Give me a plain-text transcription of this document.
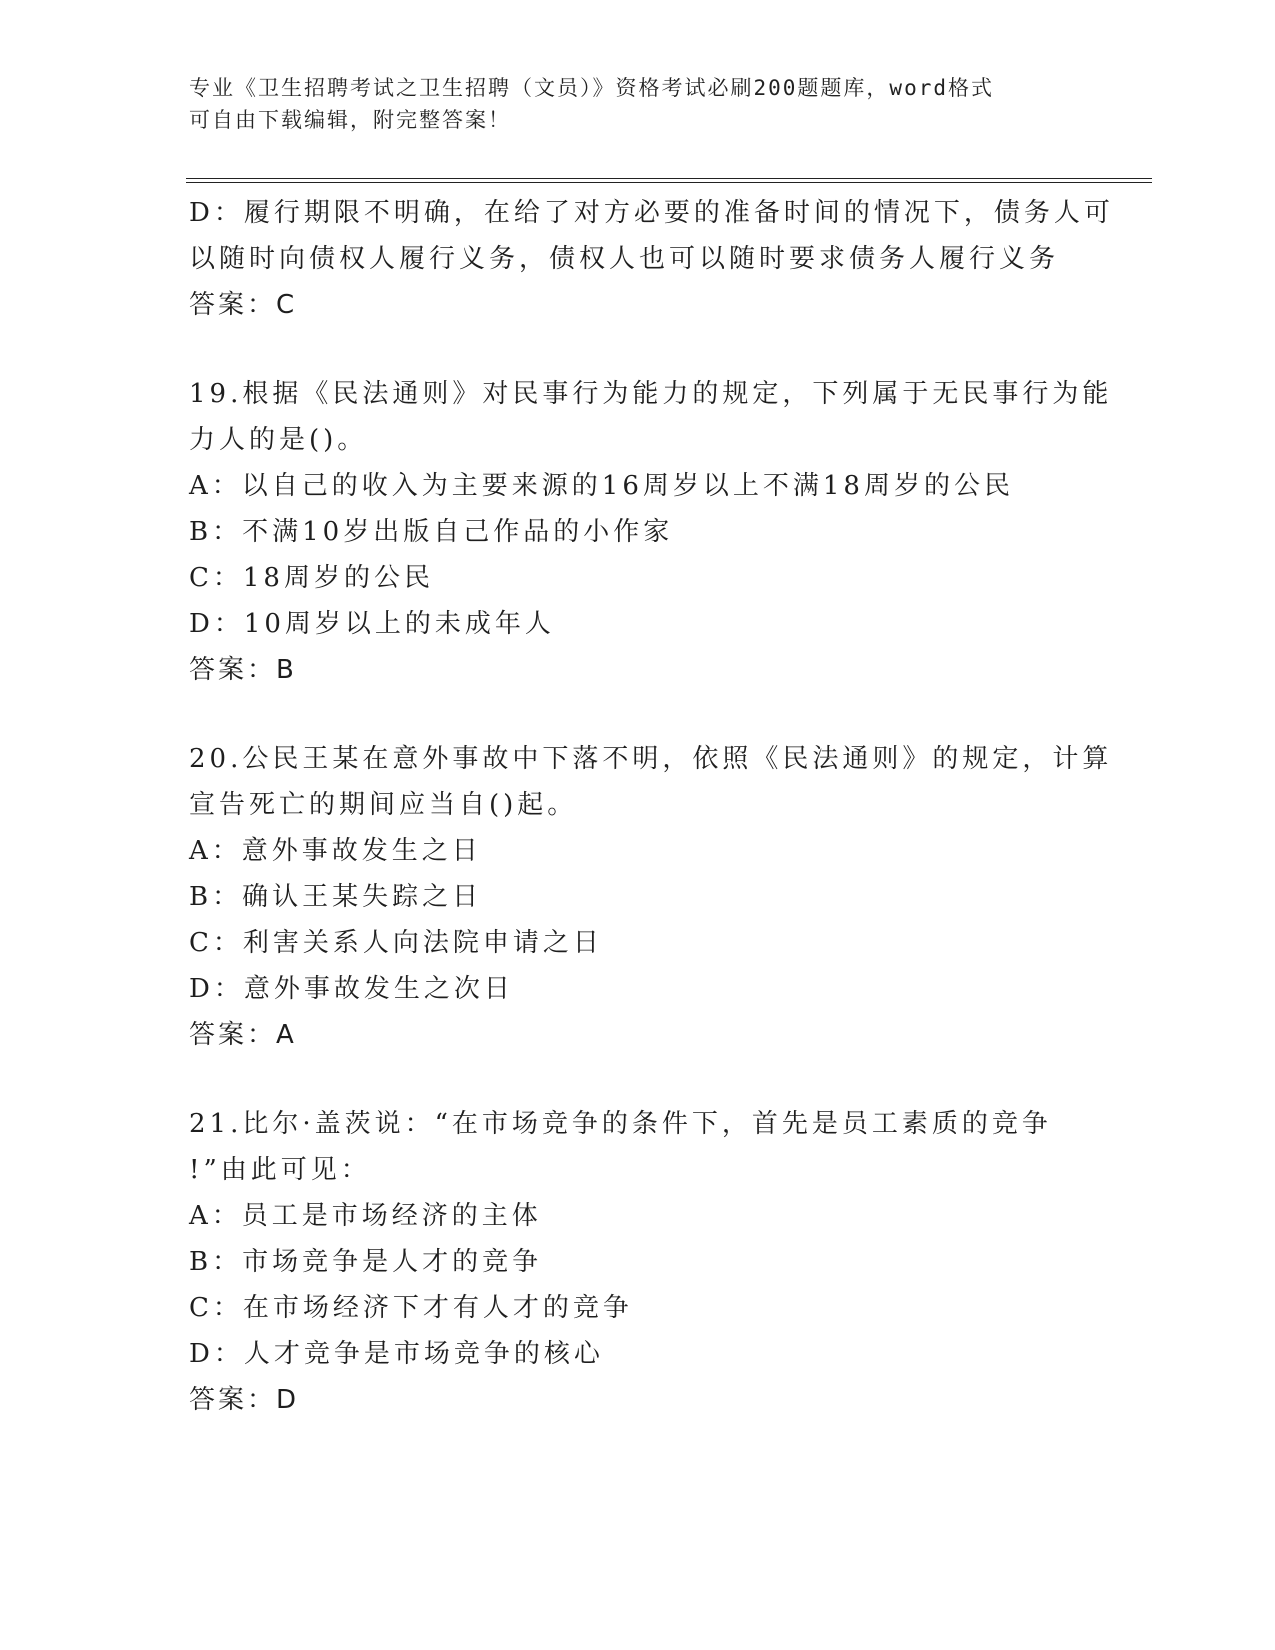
专业《卫生招聘考试之卫生招聘（文员）》资格考试必刷200题题库，word格式
可自由下载编辑，附完整答案！
D：履行期限不明确，在给了对方必要的准备时间的情况下，债务人可
以随时向债权人履行义务，债权人也可以随时要求债务人履行义务
答案：C
19.根据《民法通则》对民事行为能力的规定，下列属于无民事行为能
力人的是()。
A：以自己的收入为主要来源的16周岁以上不满18周岁的公民
B：不满10岁出版自己作品的小作家
C：18周岁的公民
D：10周岁以上的未成年人
答案：B
20.公民王某在意外事故中下落不明，依照《民法通则》的规定，计算
宣告死亡的期间应当自()起。
A：意外事故发生之日
B：确认王某失踪之日
C：利害关系人向法院申请之日
D：意外事故发生之次日
答案：A
21.比尔·盖茨说：“在市场竞争的条件下，首先是员工素质的竞争
!”由此可见：
A：员工是市场经济的主体
B：市场竞争是人才的竞争
C：在市场经济下才有人才的竞争
D：人才竞争是市场竞争的核心
答案：D
